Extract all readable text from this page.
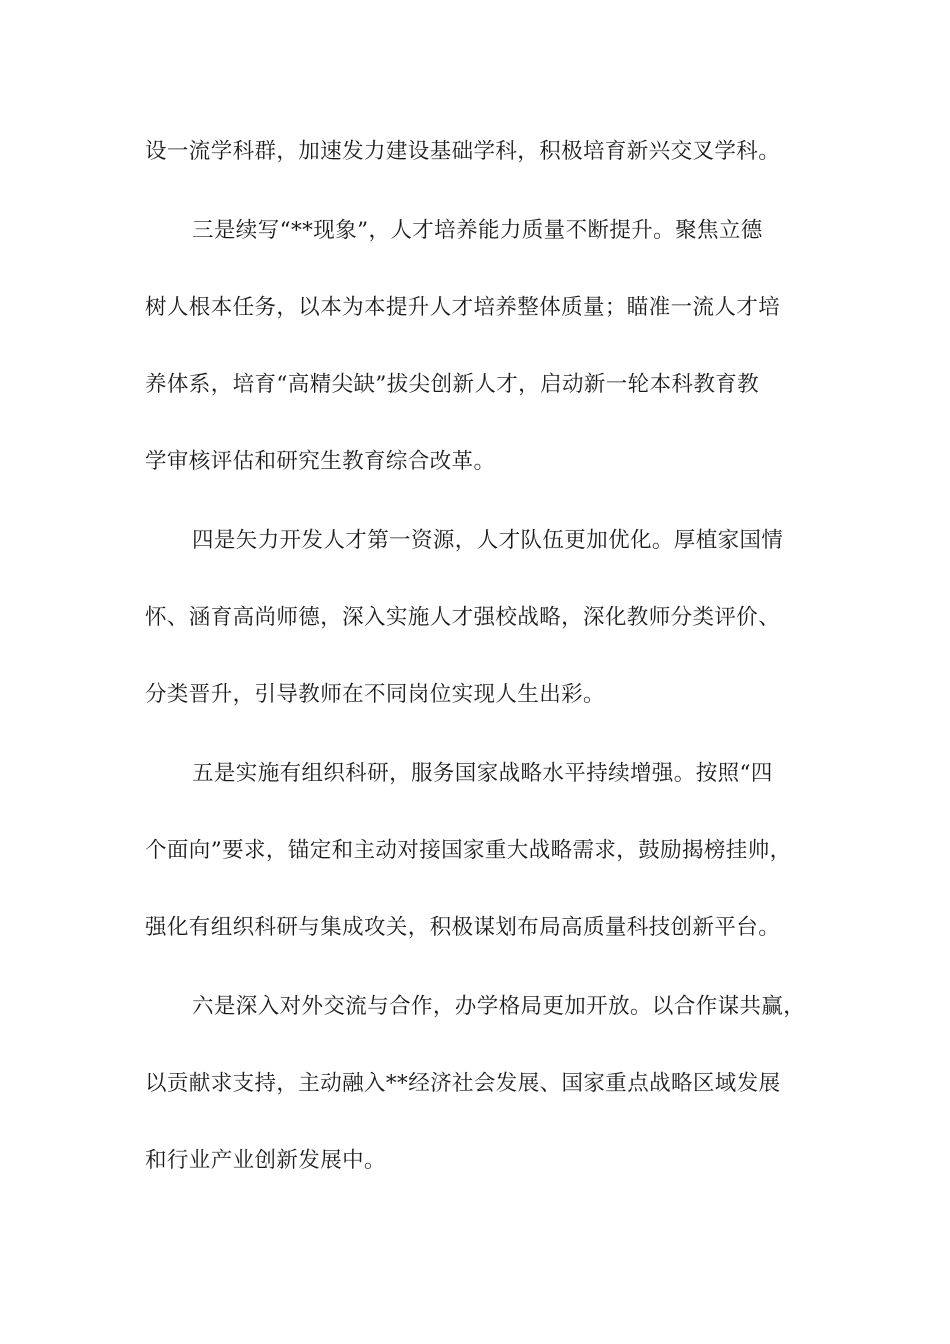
设一流学科群，加速发力建设基础学科，积极培育新兴交叉学科。
三是续写“**现象”，人才培养能力质量不断提升。聚焦立德
树人根本任务，以本为本提升人才培养整体质量；瞄准一流人才培
养体系，培育“高精尖缺”拔尖创新人才，启动新一轮本科教育教
学审核评估和研究生教育综合改革。
四是矢力开发人才第一资源，人才队伍更加优化。厚植家国情
怀、涵育高尚师德，深入实施人才强校战略，深化教师分类评价、
分类晋升，引导教师在不同岗位实现人生出彩。
五是实施有组织科研，服务国家战略水平持续增强。按照“四
个面向”要求，锚定和主动对接国家重大战略需求，鼓励揭榜挂帅，
强化有组织科研与集成攻关，积极谋划布局高质量科技创新平台。
六是深入对外交流与合作，办学格局更加开放。以合作谋共赢，
以贡献求支持，主动融入**经济社会发展、国家重点战略区域发展
和行业产业创新发展中。
